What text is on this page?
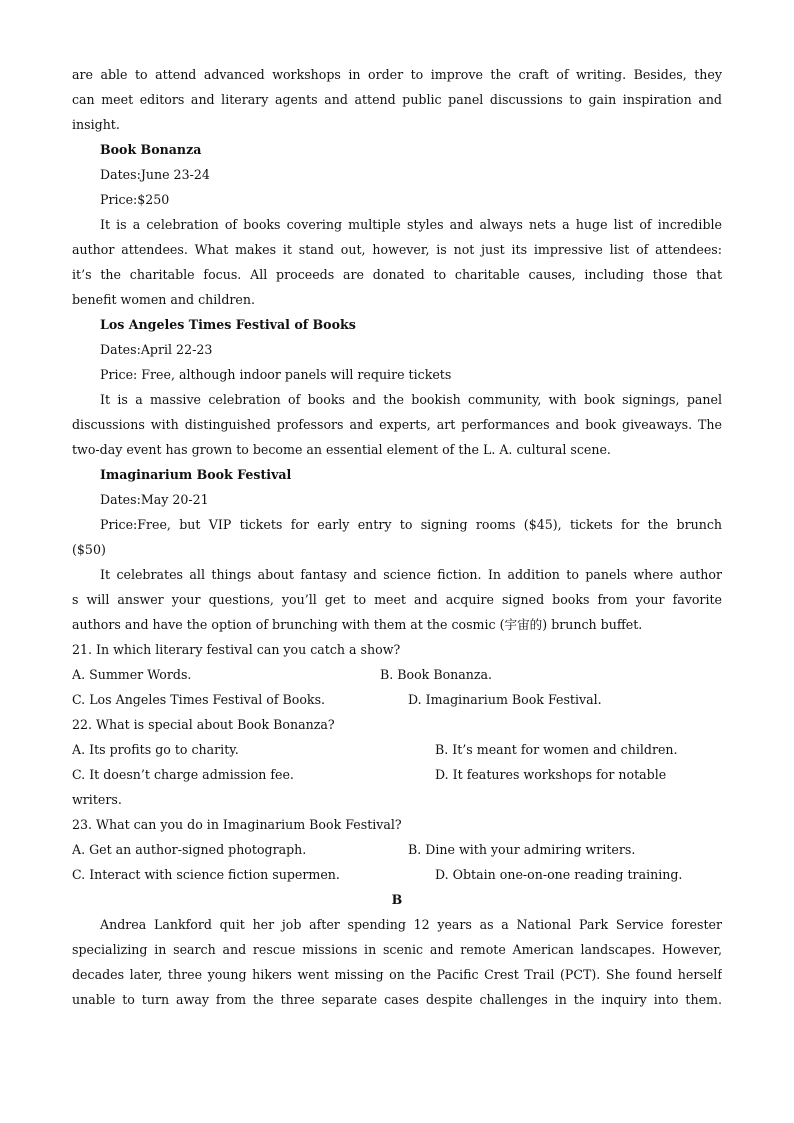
are able to attend advanced workshops in order to improve the craft of writing. Besides, they
can meet editors and literary agents and attend public panel discussions to gain inspiration and
insight.
Book Bonanza
Dates:June 23-24
Price:$250
It is a celebration of books covering multiple styles and always nets a huge list of incredible
author attendees. What makes it stand out, however, is not just its impressive list of attendees:
it’s the charitable focus. All proceeds are donated to charitable causes, including those that
benefit women and children.
Los Angeles Times Festival of Books
Dates:April 22-23
Price: Free, although indoor panels will require tickets
It is a massive celebration of books and the bookish community, with book signings, panel
discussions with distinguished professors and experts, art performances and book giveaways. The
two-day event has grown to become an essential element of the L. A. cultural scene.
Imaginarium Book Festival
Dates:May 20-21
Price:Free, but VIP tickets for early entry to signing rooms ($45), tickets for the brunch
($50)
It celebrates all things about fantasy and science fiction. In addition to panels where author
s will answer your questions, you’ll get to meet and acquire signed books from your favorite
authors and have the option of brunching with them at the cosmic (宇宙的) brunch buffet.
21. In which literary festival can you catch a show?
A. Summer Words.	B. Book Bonanza.
C. Los Angeles Times Festival of Books.	D. Imaginarium Book Festival.
22. What is special about Book Bonanza?
A. Its profits go to charity.	B. It’s meant for women and children.
C. It doesn’t charge admission fee.	D. It features workshops for notable
writers.
23. What can you do in Imaginarium Book Festival?
A. Get an author-signed photograph.	B. Dine with your admiring writers.
C. Interact with science fiction supermen.	D. Obtain one-on-one reading training.
B
Andrea Lankford quit her job after spending 12 years as a National Park Service forester
specializing in search and rescue missions in scenic and remote American landscapes. However,
decades later, three young hikers went missing on the Pacific Crest Trail (PCT). She found herself
unable to turn away from the three separate cases despite challenges in the inquiry into them.
